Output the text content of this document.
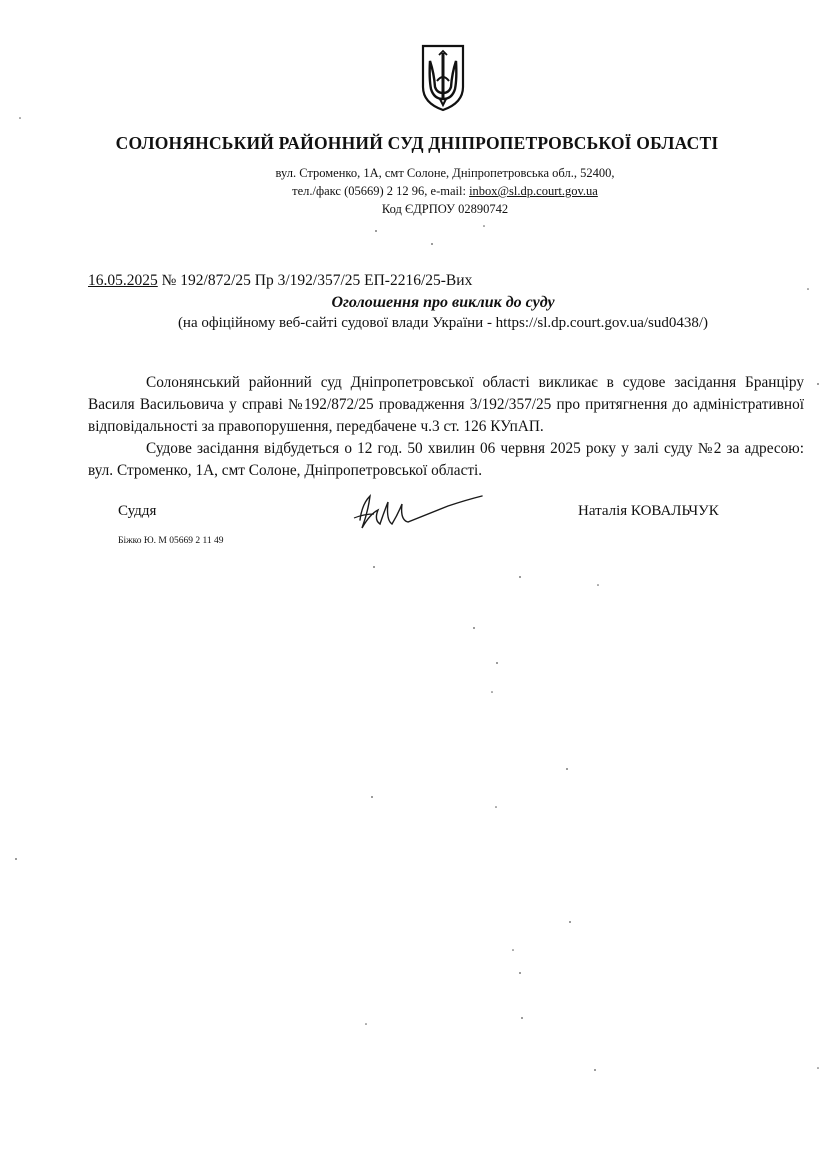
СОЛОНЯНСЬКИЙ РАЙОННИЙ СУД ДНІПРОПЕТРОВСЬКОЇ ОБЛАСТІ
вул. Строменко, 1А, смт Солоне, Дніпропетровська обл., 52400,
тел./факс (05669) 2 12 96, e-mail: inbox@sl.dp.court.gov.ua
Код ЄДРПОУ 02890742
16.05.2025 № 192/872/25 Пр 3/192/357/25 ЕП-2216/25-Вих
Оголошення про виклик до суду
(на офіційному веб-сайті судової влади України - https://sl.dp.court.gov.ua/sud0438/)

Солонянський районний суд Дніпропетровської області викликає в судове засідання Бранціру Василя Васильовича у справі №192/872/25 провадження 3/192/357/25 про притягнення до адміністративної відповідальності за правопорушення, передбачене ч.3 ст. 126 КУпАП.

Судове засідання відбудеться о 12 год. 50 хвилин 06 червня 2025 року у залі суду №2 за адресою: вул. Строменко, 1А, смт Солоне, Дніпропетровської області.

Суддя	Наталія КОВАЛЬЧУК
Біжко Ю. М 05669 2 11 49
